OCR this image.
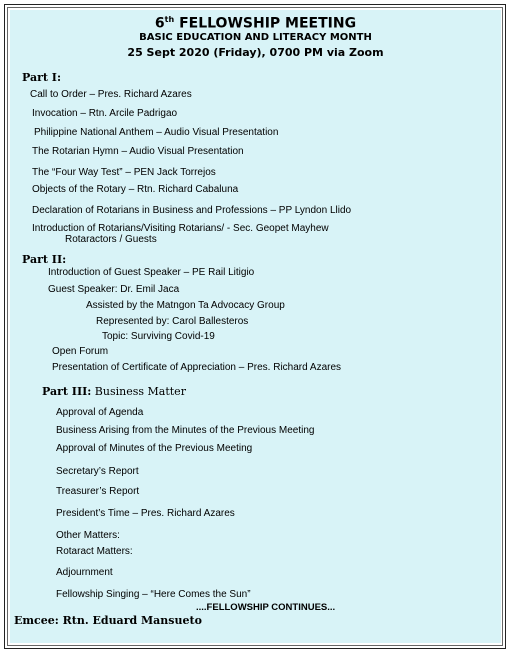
6th FELLOWSHIP MEETING
BASIC EDUCATION AND LITERACY MONTH
25 Sept 2020 (Friday), 0700 PM via Zoom
Part I:
Call to Order – Pres. Richard Azares
Invocation – Rtn. Arcile Padrigao
Philippine National Anthem – Audio Visual Presentation
The Rotarian Hymn – Audio Visual Presentation
The “Four Way Test” – PEN Jack Torrejos
Objects of the Rotary – Rtn. Richard Cabaluna
Declaration of Rotarians in Business and Professions – PP Lyndon Llido
Introduction of Rotarians/Visiting Rotarians/ - Sec. Geopet Mayhew
Rotaractors / Guests
Part II:
Introduction of Guest Speaker – PE Rail Litigio
Guest Speaker: Dr. Emil Jaca
Assisted by the Matngon Ta Advocacy Group
Represented by: Carol Ballesteros
Topic: Surviving Covid-19
Open Forum
Presentation of Certificate of Appreciation – Pres. Richard Azares
Part III: Business Matter
Approval of Agenda
Business Arising from the Minutes of the Previous Meeting
Approval of Minutes of the Previous Meeting
Secretary’s Report
Treasurer’s Report
President’s Time – Pres. Richard Azares
Other Matters:
Rotaract Matters:
Adjournment
Fellowship Singing – “Here Comes the Sun”
....FELLOWSHIP CONTINUES...
Emcee: Rtn. Eduard Mansueto
